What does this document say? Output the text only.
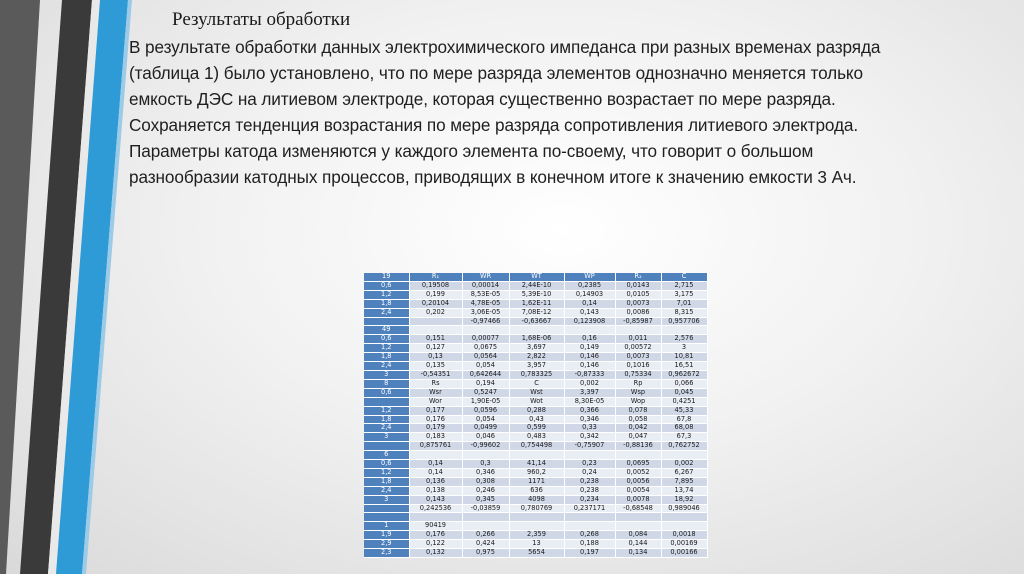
Результаты обработки
В результате обработки данных электрохимического импеданса при разных временах разряда (таблица 1) было установлено, что по мере разряда элементов однозначно меняется только емкость ДЭС на литиевом электроде, которая существенно возрастает по мере разряда. Сохраняется тенденция возрастания по мере разряда сопротивления литиевого электрода. Параметры катода изменяются у каждого элемента по-своему, что говорит о большом разнообразии катодных процессов, приводящих в конечном итоге к значению емкости 3 Ач.
19	R₁	WR	WT	WP	R₂	C
0,6	0,19508	0,00014	2,44E-10	0,2385	0,0143	2,715
1,2	0,199	8,53E-05	5,39E-10	0,14903	0,0105	3,175
1,8	0,20104	4,78E-05	1,62E-11	0,14	0,0073	7,01
2,4	0,202	3,06E-05	7,08E-12	0,143	0,0086	8,315
		-0,97466	-0,63667	0,123908	-0,85987	0,957706
49						
0,6	0,151	0,00077	1,68E-06	0,16	0,011	2,576
1,2	0,127	0,0675	3,697	0,149	0,00572	3
1,8	0,13	0,0564	2,822	0,146	0,0073	10,81
2,4	0,135	0,054	3,957	0,146	0,1016	16,51
3	-0,54351	0,642644	0,783325	-0,87333	0,75334	0,962672
8	Rs	0,194	C	0,002	Rp	0,066
0,6	Wsr	0,5247	Wst	3,397	Wsp	0,045
	Wor	1,90E-05	Wot	8,30E-05	Wop	0,4251
1,2	0,177	0,0596	0,288	0,366	0,078	45,33
1,8	0,176	0,054	0,43	0,346	0,058	67,8
2,4	0,179	0,0499	0,599	0,33	0,042	68,08
3	0,183	0,046	0,483	0,342	0,047	67,3
	0,875761	-0,99602	0,754498	-0,75907	-0,88136	0,762752
6						
0,6	0,14	0,3	41,14	0,23	0,0695	0,002
1,2	0,14	0,346	960,2	0,24	0,0052	6,267
1,8	0,136	0,308	1171	0,238	0,0056	7,895
2,4	0,138	0,246	636	0,238	0,0054	13,74
3	0,143	0,345	4098	0,234	0,0078	18,92
	0,242536	-0,03859	0,780769	0,237171	-0,68548	0,989046

1	90419					
1,9	0,176	0,266	2,359	0,268	0,084	0,0018
2,9	0,122	0,424	13	0,188	0,144	0,00169
2,3	0,132	0,975	5654	0,197	0,134	0,00166
